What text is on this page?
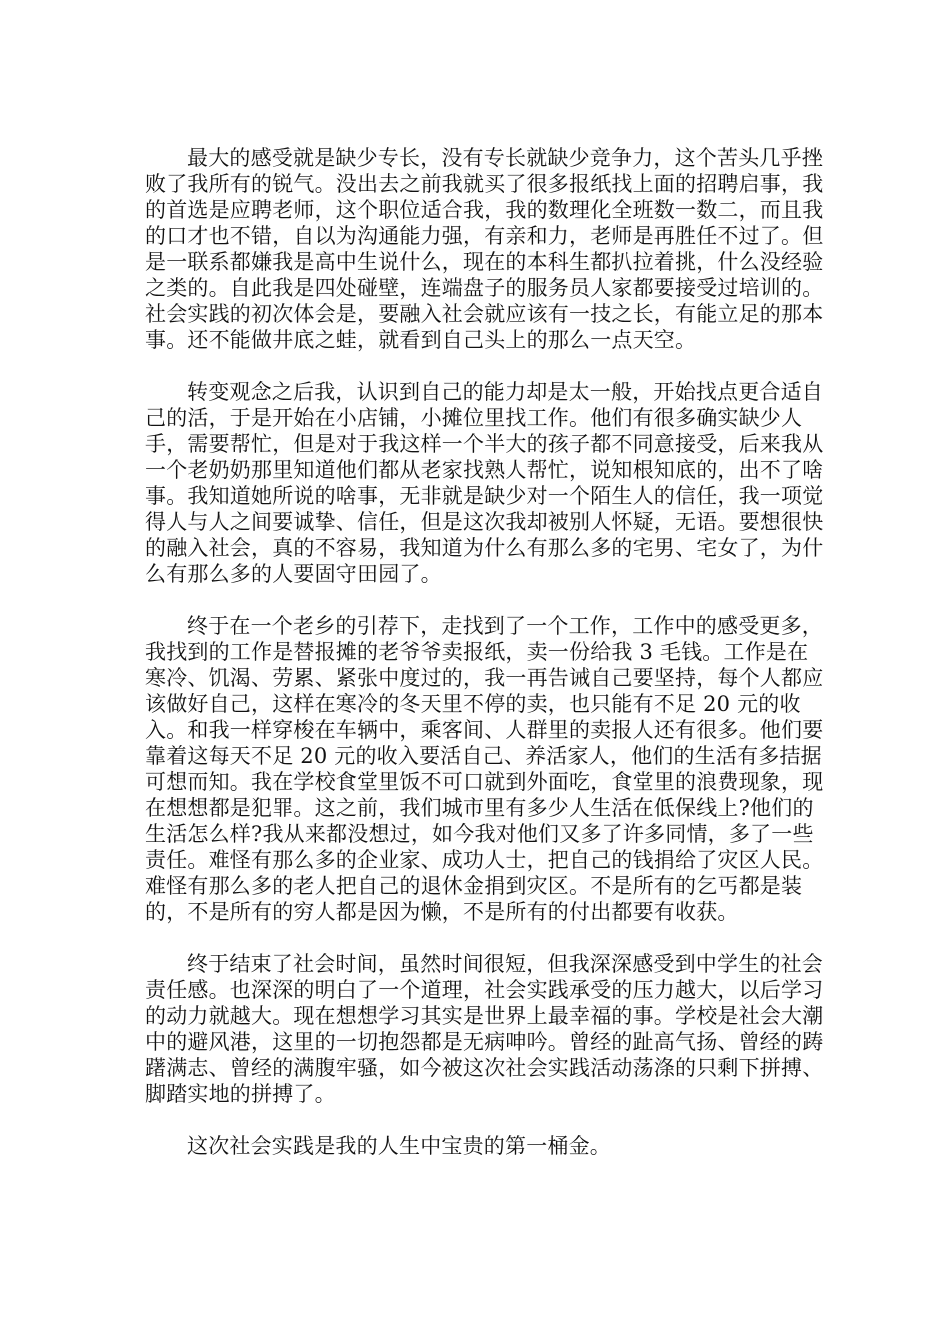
最大的感受就是缺少专长，没有专长就缺少竞争力，这个苦头几乎挫败了我所有的锐气。没出去之前我就买了很多报纸找上面的招聘启事，我的首选是应聘老师，这个职位适合我，我的数理化全班数一数二，而且我的口才也不错，自以为沟通能力强，有亲和力，老师是再胜任不过了。但是一联系都嫌我是高中生说什么，现在的本科生都扒拉着挑，什么没经验之类的。自此我是四处碰壁，连端盘子的服务员人家都要接受过培训的。社会实践的初次体会是，要融入社会就应该有一技之长，有能立足的那本事。还不能做井底之蛙，就看到自己头上的那么一点天空。

转变观念之后我，认识到自己的能力却是太一般，开始找点更合适自己的活，于是开始在小店铺，小摊位里找工作。他们有很多确实缺少人手，需要帮忙，但是对于我这样一个半大的孩子都不同意接受，后来我从一个老奶奶那里知道他们都从老家找熟人帮忙，说知根知底的，出不了啥事。我知道她所说的啥事，无非就是缺少对一个陌生人的信任，我一项觉得人与人之间要诚挚、信任，但是这次我却被别人怀疑，无语。要想很快的融入社会，真的不容易，我知道为什么有那么多的宅男、宅女了，为什么有那么多的人要固守田园了。

终于在一个老乡的引荐下，走找到了一个工作，工作中的感受更多，我找到的工作是替报摊的老爷爷卖报纸，卖一份给我 3 毛钱。工作是在寒冷、饥渴、劳累、紧张中度过的，我一再告诫自己要坚持，每个人都应该做好自己，这样在寒冷的冬天里不停的卖，也只能有不足 20 元的收入。和我一样穿梭在车辆中，乘客间、人群里的卖报人还有很多。他们要靠着这每天不足 20 元的收入要活自己、养活家人，他们的生活有多拮据可想而知。我在学校食堂里饭不可口就到外面吃，食堂里的浪费现象，现在想想都是犯罪。这之前，我们城市里有多少人生活在低保线上?他们的生活怎么样?我从来都没想过，如今我对他们又多了许多同情，多了一些责任。难怪有那么多的企业家、成功人士，把自己的钱捐给了灾区人民。难怪有那么多的老人把自己的退休金捐到灾区。不是所有的乞丐都是装的，不是所有的穷人都是因为懒，不是所有的付出都要有收获。

终于结束了社会时间，虽然时间很短，但我深深感受到中学生的社会责任感。也深深的明白了一个道理，社会实践承受的压力越大，以后学习的动力就越大。现在想想学习其实是世界上最幸福的事。学校是社会大潮中的避风港，这里的一切抱怨都是无病呻吟。曾经的趾高气扬、曾经的踌躇满志、曾经的满腹牢骚，如今被这次社会实践活动荡涤的只剩下拼搏、脚踏实地的拼搏了。

这次社会实践是我的人生中宝贵的第一桶金。
